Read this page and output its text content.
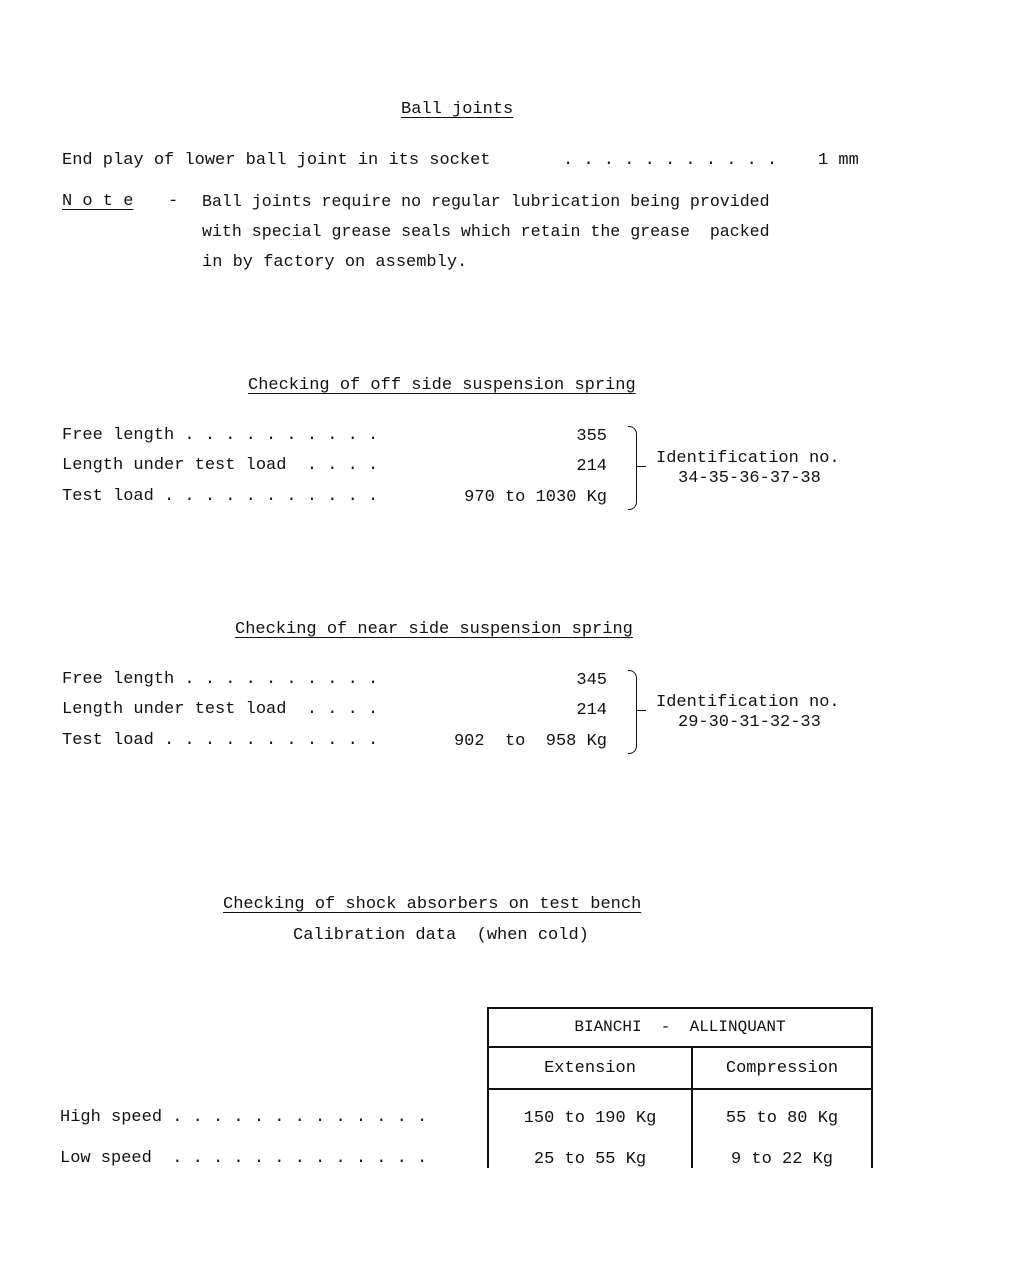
Ball joints
End play of lower ball joint in its socket	. . . . . . . . . . . 1 mm
N o t e - Ball joints require no regular lubrication being provided
with special grease seals which retain the grease  packed
in by factory on assembly.
Checking of off side suspension spring
Free length . . . . . . . . . .	355
Length under test load  . . . .	214
Test load . . . . . . . . . . .	970 to 1030 Kg
Identification no.
34-35-36-37-38
Checking of near side suspension spring
Free length . . . . . . . . . .	345
Length under test load  . . . .	214
Test load . . . . . . . . . . .	902  to  958 Kg
Identification no.
29-30-31-32-33
Checking of shock absorbers on test bench
Calibration data  (when cold)
BIANCHI  -  ALLINQUANT
Extension	Compression
High speed . . . . . . . . . . . . .	150 to 190 Kg	55 to 80 Kg
Low speed  . . . . . . . . . . . . .	25 to 55 Kg	9 to 22 Kg
